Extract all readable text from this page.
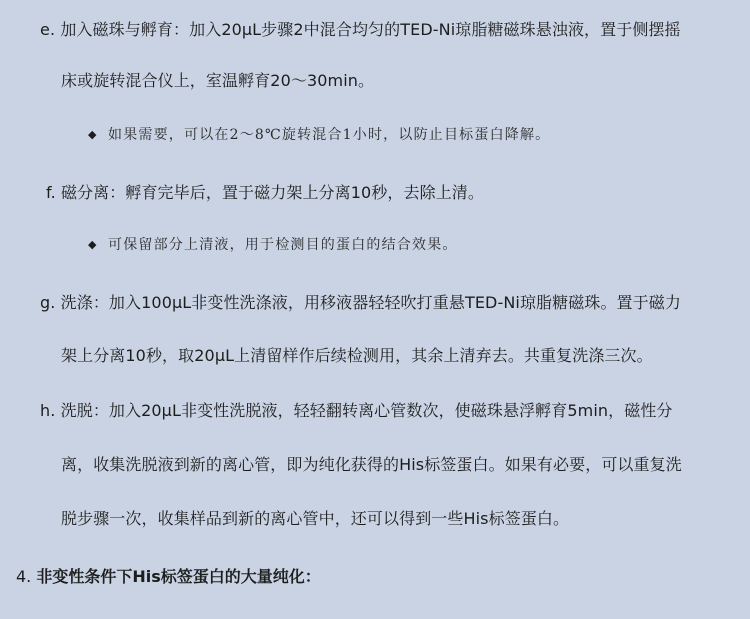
e. 加入磁珠与孵育：加入20μL步骤2中混合均匀的TED-Ni琼脂糖磁珠悬浊液，置于侧摆摇
床或旋转混合仪上，室温孵育20～30min。
◆ 如果需要，可以在2～8℃旋转混合1小时，以防止目标蛋白降解。
f. 磁分离：孵育完毕后，置于磁力架上分离10秒，去除上清。
◆ 可保留部分上清液，用于检测目的蛋白的结合效果。
g. 洗涤：加入100μL非变性洗涤液，用移液器轻轻吹打重悬TED-Ni琼脂糖磁珠。置于磁力
架上分离10秒，取20μL上清留样作后续检测用，其余上清弃去。共重复洗涤三次。
h. 洗脱：加入20μL非变性洗脱液，轻轻翻转离心管数次，使磁珠悬浮孵育5min，磁性分
离，收集洗脱液到新的离心管，即为纯化获得的His标签蛋白。如果有必要，可以重复洗
脱步骤一次，收集样品到新的离心管中，还可以得到一些His标签蛋白。
4. 非变性条件下His标签蛋白的大量纯化：
